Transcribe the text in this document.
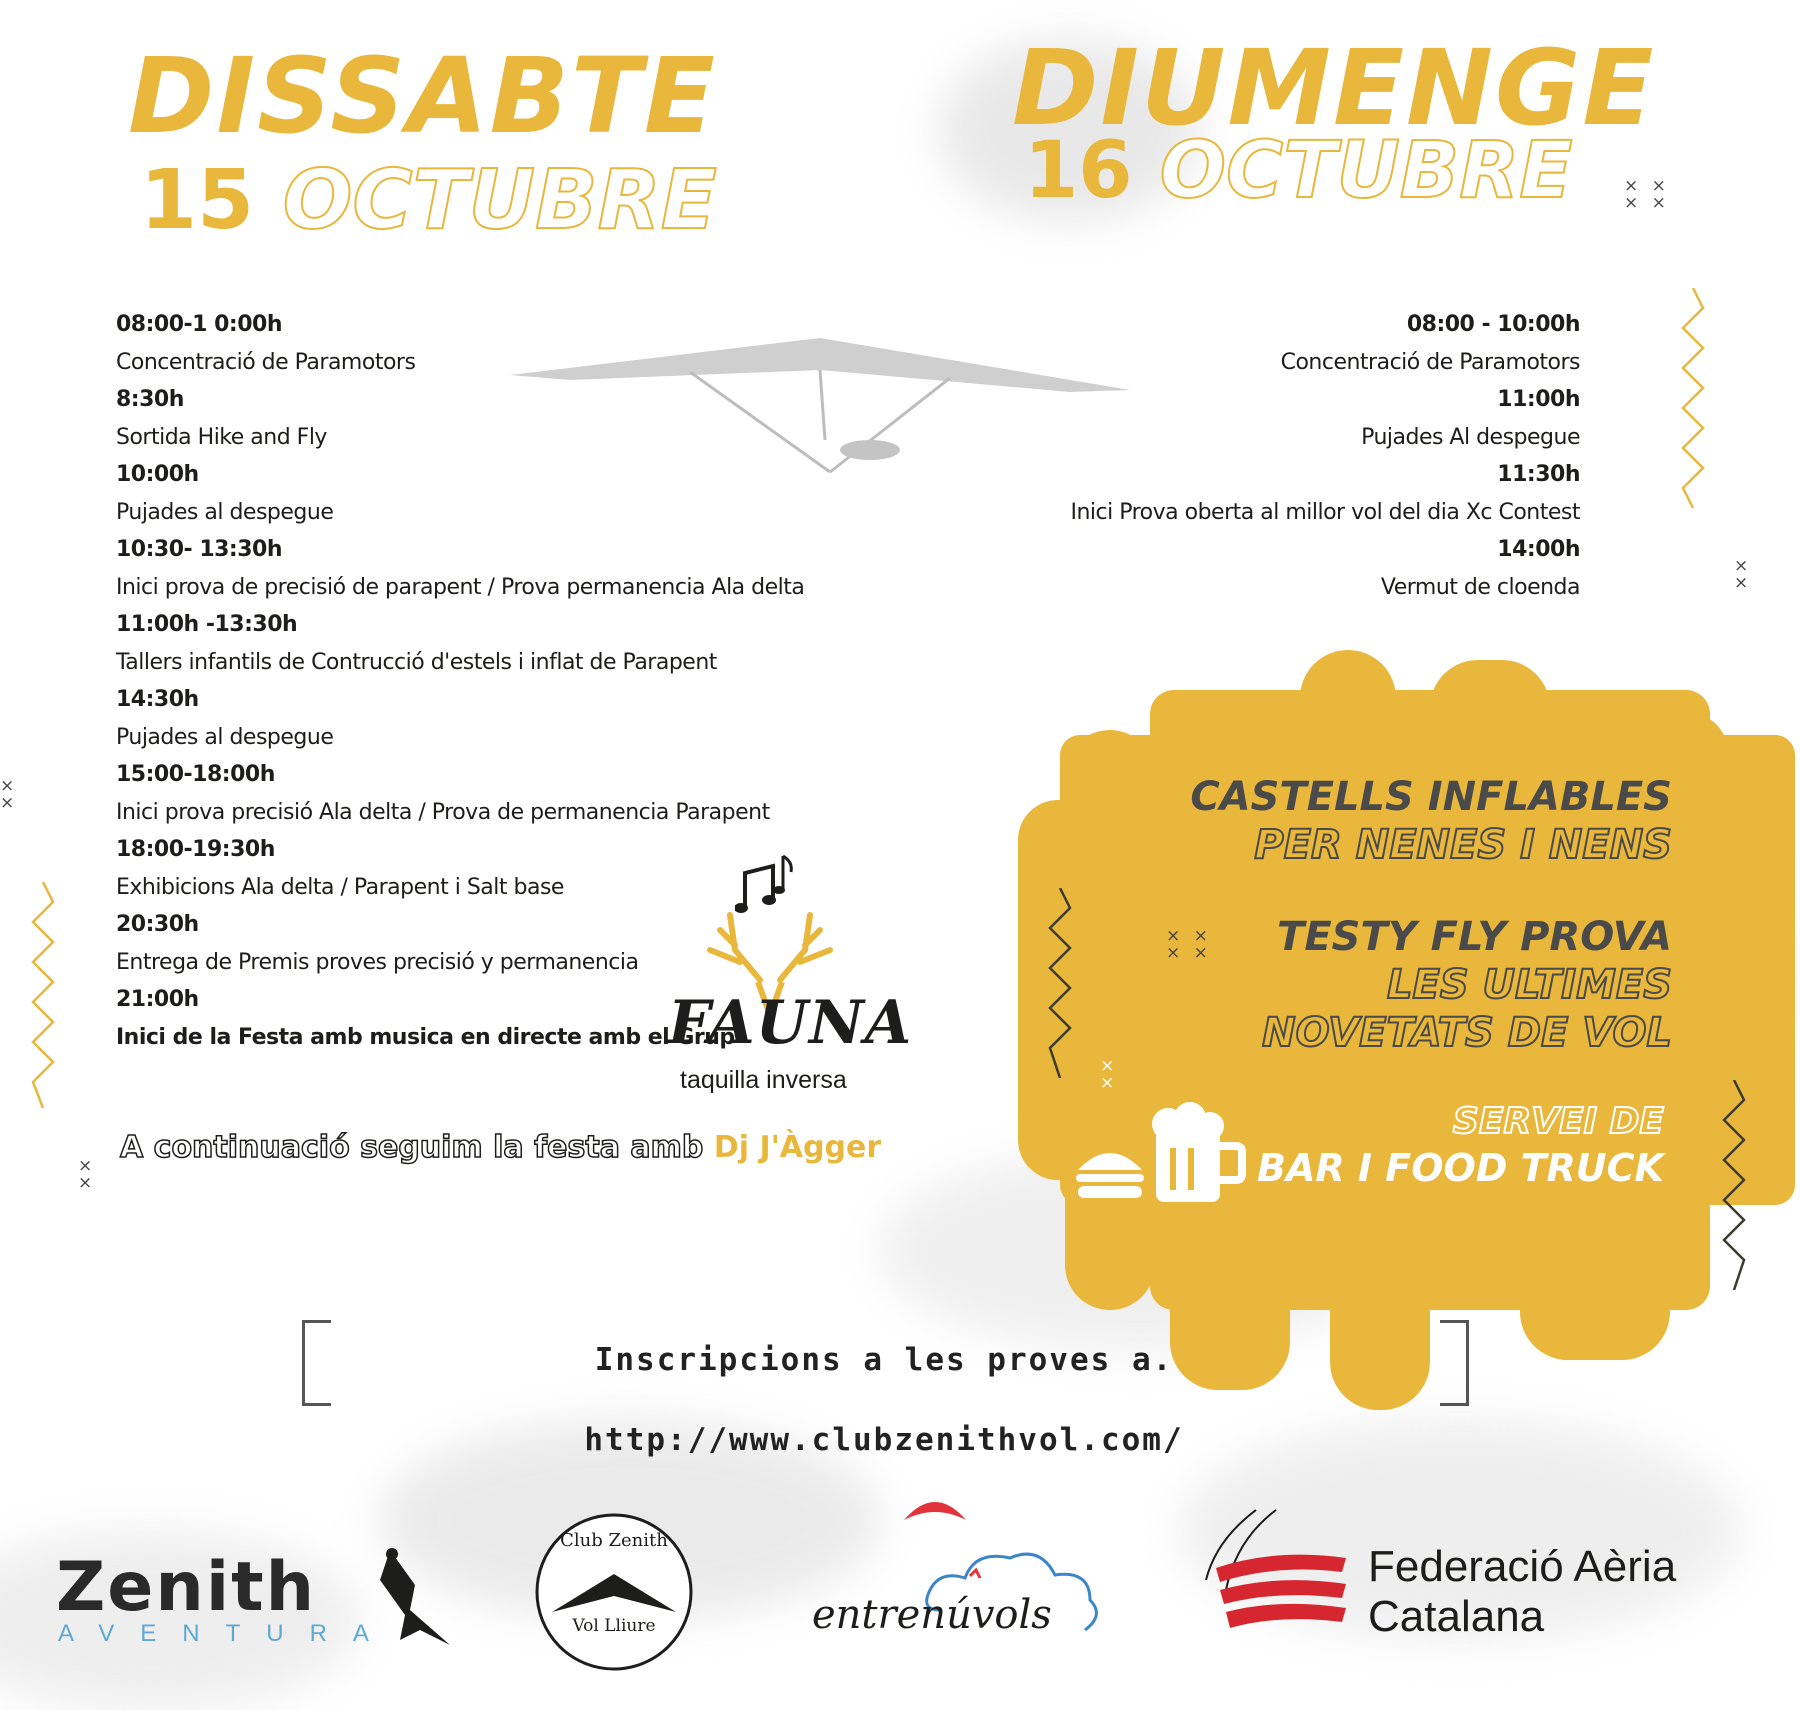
DISSABTE
15 OCTUBRE
DIUMENGE
16 OCTUBRE
08:00-1 0:00h
Concentració de Paramotors
8:30h
Sortida Hike and Fly
10:00h
Pujades al despegue
10:30- 13:30h
Inici prova de precisió de parapent / Prova permanencia Ala delta
11:00h -13:30h
Tallers infantils de Contrucció d'estels i inflat de Parapent
14:30h
Pujades al despegue
15:00-18:00h
Inici prova precisió Ala delta / Prova de permanencia Parapent
18:00-19:30h
Exhibicions Ala delta / Parapent i Salt base
20:30h
Entrega de Premis proves precisió y permanencia
21:00h
Inici de la Festa amb musica en directe amb el Grup
FAUNA
taquilla inversa
A continuació seguim la festa amb Dj J'Àgger
08:00 - 10:00h
Concentració de Paramotors
11:00h
Pujades Al despegue
11:30h
Inici Prova oberta al millor vol del dia Xc Contest
14:00h
Vermut de cloenda
× ×
× ×
×
×
×
×
×
×
× ×
× ×
×
×
CASTELLS INFLABLES
PER NENES I NENS
TESTY FLY PROVA
LES ULTIMES
NOVETATS DE VOL
SERVEI DE
BAR I FOOD TRUCK
Inscripcions a les proves a. http://www.clubzenithvol.com/
Zenith
AVENTURA
Club Zenith
Vol Lliure	entrenúvols
Federació Aèria
Catalana
